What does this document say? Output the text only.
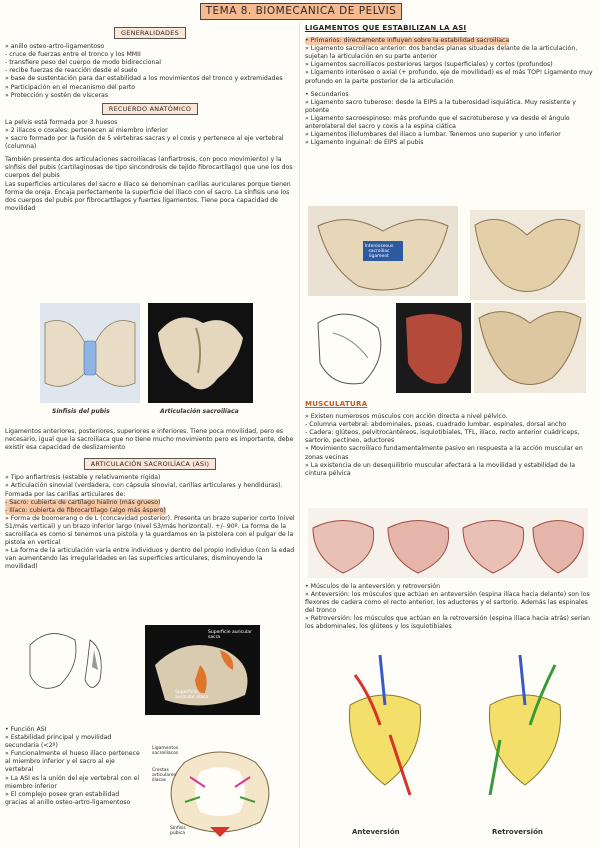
TEMA 8. BIOMECANICA DE PELVIS
GENERALIDADES
» anillo osteo-artro-ligamentoso
- cruce de fuerzas entre el tronco y los MMII
- transfiere peso del cuerpo de modo bidireccional
- recibe fuerzas de reacción desde el suelo
» base de sustentación para dar estabilidad a los movimientos del tronco y extremidades
» Participación en el mecanismo del parto
» Protección y sostén de vísceras
RECUERDO ANATÓMICO
La pelvis está formada por 3 huesos
» 2 ilíacos o coxales: pertenecen al miembro inferior
» sacro formado por la fusión de 5 vértebras sacras y el coxis y pertenece al eje vertebral (columna)
También presenta dos articulaciones sacroilíacas (anfiartrosis, con poco movimiento) y la sínfisis del pubis (cartilaginosas de tipo sincondrosis de tejido fibrocartílago) que une los dos cuerpos del pubis
Las superficies articulares del sacro e ilíaco se denominan carillas auriculares porque tienen forma de oreja. Encaja perfectamente la superficie del ilíaco con el sacro. La sínfisis une los dos cuerpos del pubis por fibrocartílagos y fuertes ligamentos. Tiene poca capacidad de movilidad
Sínfisis del pubis	Articulación sacroilíaca
Ligamentos anteriores, posteriores, superiores e inferiores. Tiene poca movilidad, pero es necesario, igual que la sacroilíaca que no tiene mucho movimiento pero es importante, debe existir esa capacidad de deslizamiento
ARTICULACIÓN SACROILÍACA (ASI)
» Tipo anfiartrosis (estable y relativamente rígida)
» Articulación sinovial (verdadera, con cápsula sinovial, carillas articulares y hendiduras). Formada por las carillas articulares de:
- Sacro: cubierta de cartílago hialino (más grueso) - Ilíaco: cubierta de fibrocartílago (algo más áspero)
» Forma de boomerang o de L (concavidad posterior). Presenta un brazo superior corto (nivel S1/más vertical) y un brazo inferior largo (nivel S3/más horizontal). +/- 90º. La forma de la sacroilíaca es como si tenemos una pistola y la guardamos en la pistolera con el pulgar de la pistola en vertical
» La forma de la articulación varía entre individuos y dentro del propio individuo (con la edad van aumentando las irregularidades en las superficies articulares, disminuyendo la movilidad)
Superficie auricular sacra
Superficie auricular ilíaca
• Función ASI
» Estabilidad principal y movilidad secundaria (<2º)
» Funcionalmente el hueso ilíaco pertenece al miembro inferior y el sacro al eje vertebral
» La ASI es la unión del eje vertebral con el miembro inferior
» El complejo posee gran estabilidad gracias al anillo osteo-artro-ligamentoso
Ligamentos sacroilíacos
Crestas articulares ilíacas
Sínfisis púbica
LIGAMENTOS QUE ESTABILIZAN LA ASI
• Primarios: directamente influyen sobre la estabilidad sacroilíaca
» Ligamento sacroilíaco anterior: dos bandas planas situadas delante de la articulación, sujetan la articulación en su parte anterior
» Ligamentos sacroilíacos posteriores largos (superficiales) y cortos (profundos)
» Ligamento interóseo o axial (+ profundo, eje de movilidad) es el más TOP! Ligamento muy profundo en la parte posterior de la articulación
• Secundarios
» Ligamento sacro tuberoso: desde la EIPS a la tuberosidad isquiática. Muy resistente y potente
» Ligamento sacroespinoso: más profundo que el sacrotuberoso y va desde el ángulo anterolateral del sacro y coxis a la espina ciática
» Ligamentos iliolumbares del ilíaco a lumbar. Tenemos uno superior y uno inferior
» Ligamento inguinal: de EIPS al pubis
Interosseous sacroiliac ligament
MUSCULATURA
» Existen numerosos músculos con acción directa a nivel pélvico.
- Columna vertebral: abdominales, psoas, cuadrado lumbar, espinales, dorsal ancho
- Cadera: glúteos, pelvitrocantéreos, isquiotibiales, TFL, ilíaco, recto anterior cuádriceps, sartorio, pectíneo, aductores
» Movimiento sacroilíaco fundamentalmente pasivo en respuesta a la acción muscular en zonas vecinas
» La existencia de un desequilibrio muscular afectará a la movilidad y estabilidad de la cintura pélvica
• Músculos de la anteversión y retroversión
» Anteversión: los músculos que actúan en anteversión (espina ilíaca hacia delante) son los flexores de cadera como el recto anterior, los aductores y el sartorio. Además las espinales del tronco
» Retroversión: los músculos que actúan en la retroversión (espina ilíaca hacia atrás) serían los abdominales, los glúteos y los isquiotibiales
Anteversión	Retroversión
